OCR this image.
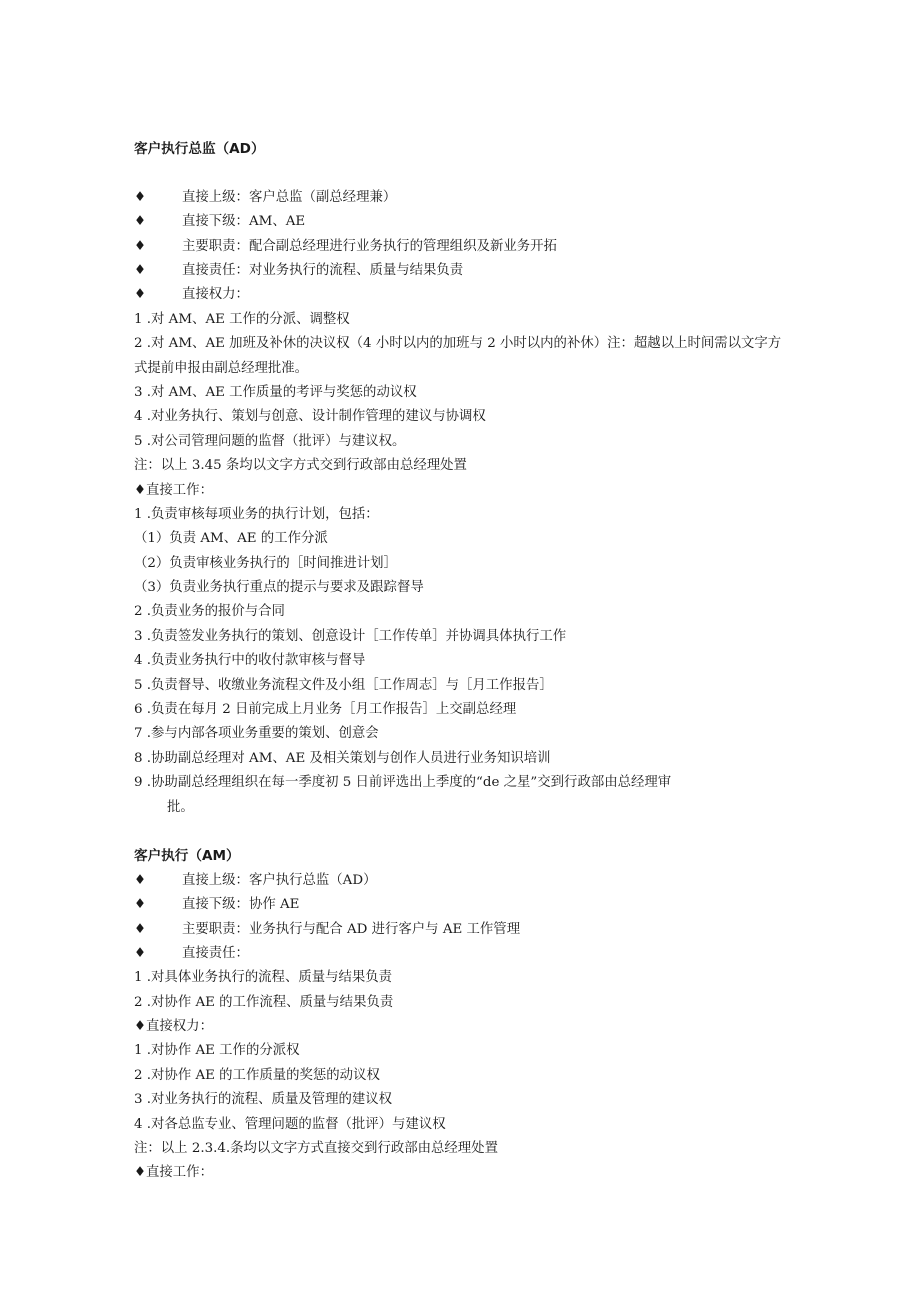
客户执行总监（AD）
♦	直接上级：客户总监（副总经理兼）
♦	直接下级：AM、AE
♦	主要职责：配合副总经理进行业务执行的管理组织及新业务开拓
♦	直接责任：对业务执行的流程、质量与结果负责
♦	直接权力：
1 .对 AM、AE 工作的分派、调整权
2 .对 AM、AE 加班及补休的决议权（4 小时以内的加班与 2 小时以内的补休）注：超越以上时间需以文字方式提前申报由副总经理批准。
3 .对 AM、AE 工作质量的考评与奖惩的动议权
4 .对业务执行、策划与创意、设计制作管理的建议与协调权
5 .对公司管理问题的监督（批评）与建议权。
注：以上 3.45 条均以文字方式交到行政部由总经理处置
♦直接工作：
1 .负责审核每项业务的执行计划，包括：
（1）负责 AM、AE 的工作分派
（2）负责审核业务执行的［时间推进计划］
（3）负责业务执行重点的提示与要求及跟踪督导
2 .负责业务的报价与合同
3 .负责签发业务执行的策划、创意设计［工作传单］并协调具体执行工作
4 .负责业务执行中的收付款审核与督导
5 .负责督导、收缴业务流程文件及小组［工作周志］与［月工作报告］
6 .负责在每月 2 日前完成上月业务［月工作报告］上交副总经理
7 .参与内部各项业务重要的策划、创意会
8 .协助副总经理对 AM、AE 及相关策划与创作人员进行业务知识培训
9 .协助副总经理组织在每一季度初 5 日前评选出上季度的“de 之星”交到行政部由总经理审
批。
客户执行（AM）
♦	直接上级：客户执行总监（AD）
♦	直接下级：协作 AE
♦	主要职责：业务执行与配合 AD 进行客户与 AE 工作管理
♦	直接责任：
1 .对具体业务执行的流程、质量与结果负责
2 .对协作 AE 的工作流程、质量与结果负责
♦直接权力：
1 .对协作 AE 工作的分派权
2 .对协作 AE 的工作质量的奖惩的动议权
3 .对业务执行的流程、质量及管理的建议权
4 .对各总监专业、管理问题的监督（批评）与建议权
注：以上 2.3.4.条均以文字方式直接交到行政部由总经理处置
♦直接工作：
